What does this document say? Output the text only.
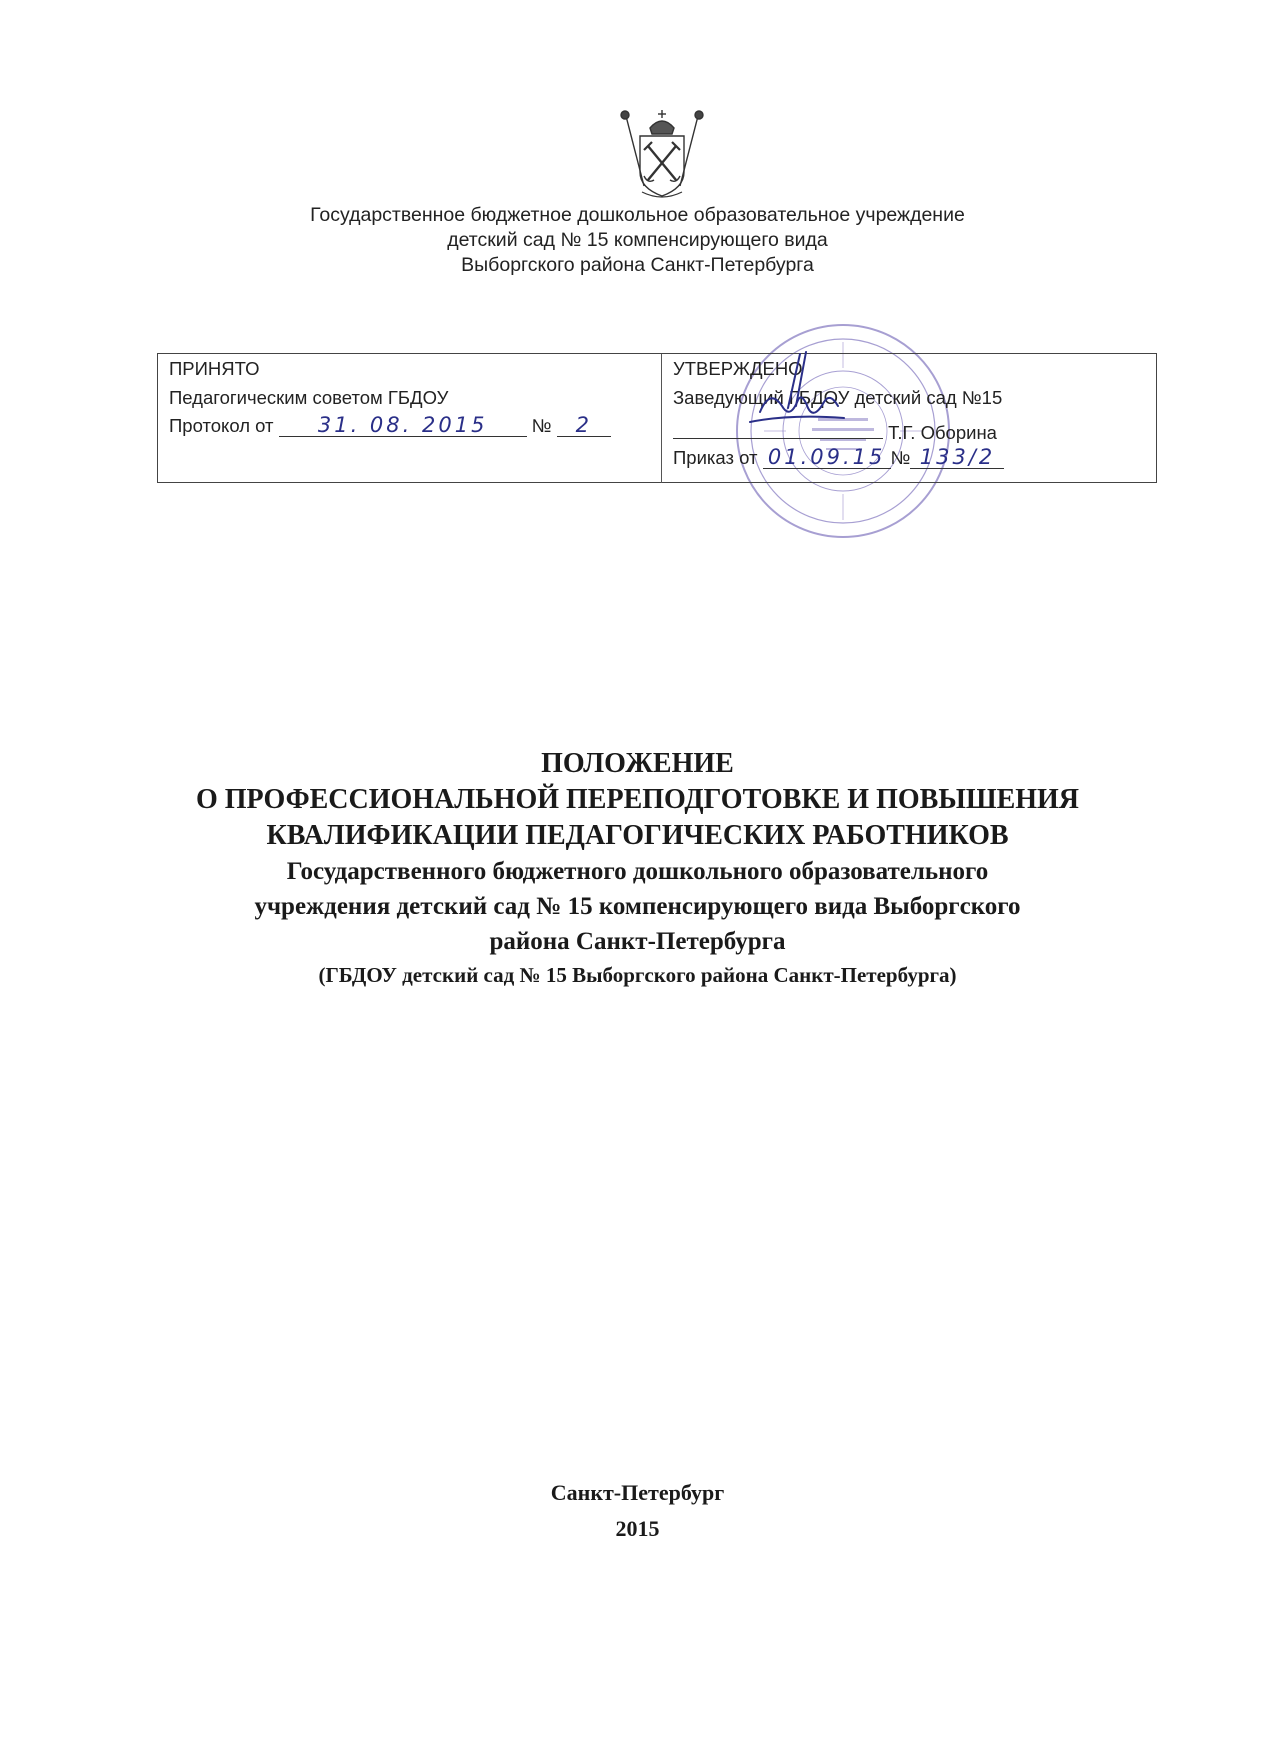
Государственное бюджетное дошкольное образовательное учреждение
детский сад № 15 компенсирующего вида
Выборгского района Санкт-Петербурга
ПРИНЯТО
Педагогическим советом ГБДОУ
Протокол от 31. 08. 2015 № 2
УТВЕРЖДЕНО
Заведующий ГБДОУ детский сад №15
Т.Г. Оборина
Приказ от 01.09.15 № 133/2
ПОЛОЖЕНИЕ
О ПРОФЕССИОНАЛЬНОЙ ПЕРЕПОДГОТОВКЕ И ПОВЫШЕНИЯ
КВАЛИФИКАЦИИ ПЕДАГОГИЧЕСКИХ РАБОТНИКОВ
Государственного бюджетного дошкольного образовательного
учреждения детский сад № 15 компенсирующего вида Выборгского
района Санкт-Петербурга
(ГБДОУ детский сад № 15 Выборгского района Санкт-Петербурга)
Санкт-Петербург
2015
